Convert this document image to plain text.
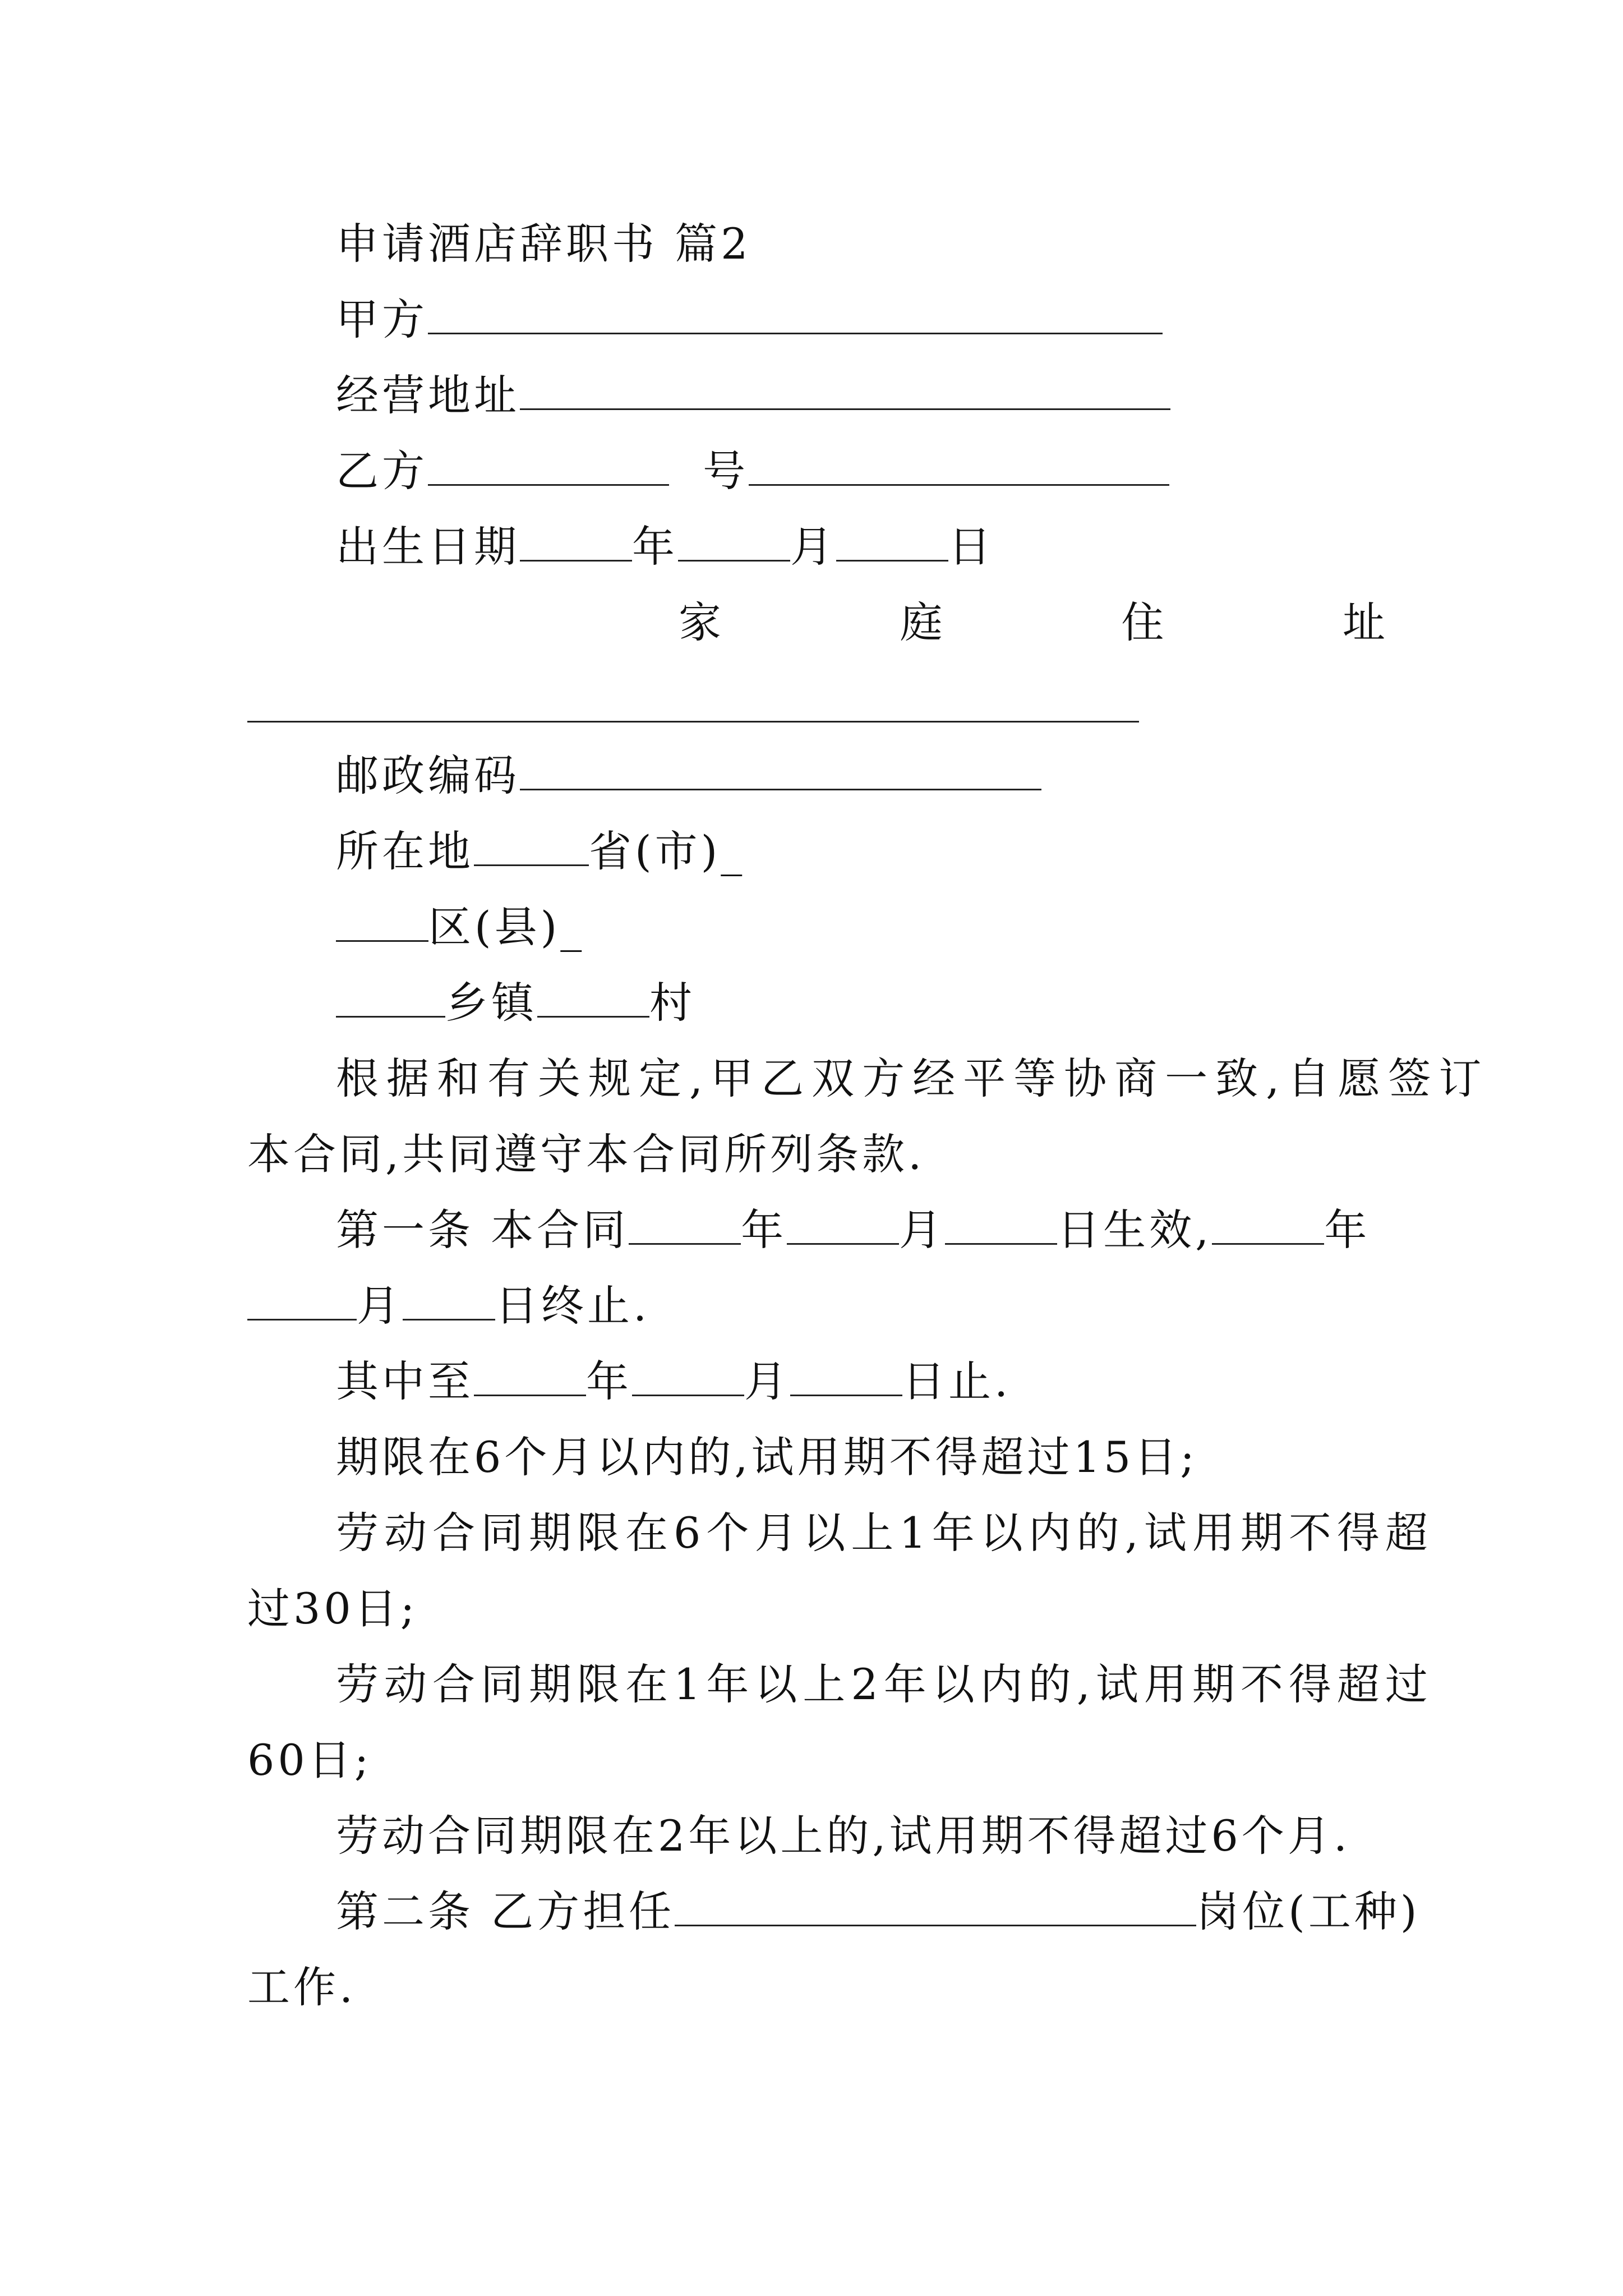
申请酒店辞职书 篇2
甲方
经营地址
乙方	号
出生日期	年	月	日
家	庭	住	址
邮政编码
所在地	省(市)_
区(县)_
乡镇	村
根据和有关规定,甲乙双方经平等协商一致,自愿签订
本合同,共同遵守本合同所列条款.
第一条 本合同	年	月	日生效,	年
月 日终止.
其中至	年	月	日止.
期限在6个月以内的,试用期不得超过15日;
劳动合同期限在6个月以上1年以内的,试用期不得超
过30日;
劳动合同期限在1年以上2年以内的,试用期不得超过
60日;
劳动合同期限在2年以上的,试用期不得超过6个月.
第二条 乙方担任	岗位(工种)
工作.
